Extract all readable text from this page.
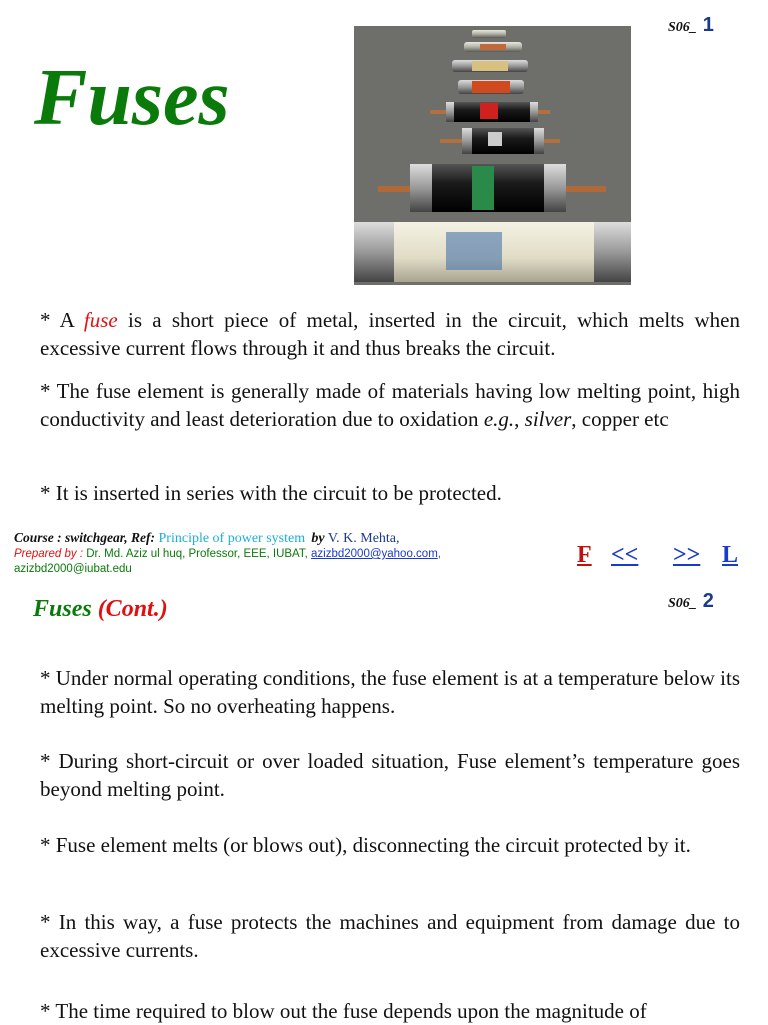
Fuses
S06_ 1
* A fuse is a short piece of metal, inserted in the circuit, which melts when excessive current flows through it and thus breaks the circuit.
* The fuse element is generally made of materials having low melting point, high conductivity and least deterioration due to oxidation e.g., silver, copper etc
* It is inserted in series with the circuit to be protected.
Course : switchgear, Ref: Principle of power system by V. K. Mehta,
Prepared by : Dr. Md. Aziz ul huq, Professor, EEE, IUBAT, azizbd2000@yahoo.com,
azizbd2000@iubat.edu
F << >> L
Fuses (Cont.)	S06_ 2
* Under normal operating conditions, the fuse element is at a temperature below its melting point. So no overheating happens.
* During short-circuit or over loaded situation, Fuse element’s temperature goes beyond melting point.
* Fuse element melts (or blows out), disconnecting the circuit protected by it.
* In this way, a fuse protects the machines and equipment from damage due to excessive currents.
* The time required to blow out the fuse depends upon the magnitude of
